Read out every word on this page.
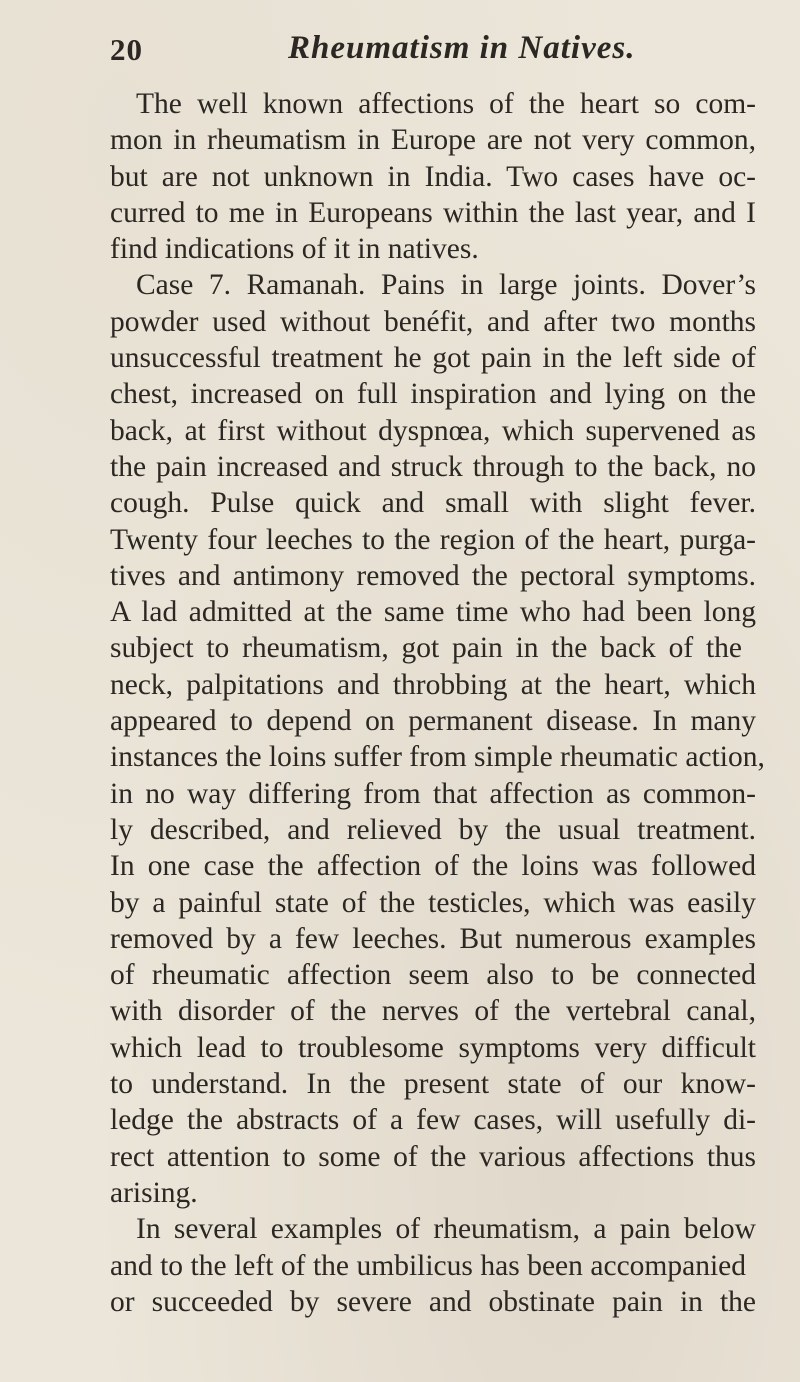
20	Rheumatism in Natives.
The well known affections of the heart so com-
mon in rheumatism in Europe are not very common,
but are not unknown in India. Two cases have oc-
curred to me in Europeans within the last year, and I
find indications of it in natives.
Case 7. Ramanah. Pains in large joints. Dover’s
powder used without benéfit, and after two months
unsuccessful treatment he got pain in the left side of
chest, increased on full inspiration and lying on the
back, at first without dyspnœa, which supervened as
the pain increased and struck through to the back, no
cough. Pulse quick and small with slight fever.
Twenty four leeches to the region of the heart, purga-
tives and antimony removed the pectoral symptoms.
A lad admitted at the same time who had been long
subject to rheumatism, got pain in the back of the
neck, palpitations and throbbing at the heart, which
appeared to depend on permanent disease. In many
instances the loins suffer from simple rheumatic action,
in no way differing from that affection as common-
ly described, and relieved by the usual treatment.
In one case the affection of the loins was followed
by a painful state of the testicles, which was easily
removed by a few leeches. But numerous examples
of rheumatic affection seem also to be connected
with disorder of the nerves of the vertebral canal,
which lead to troublesome symptoms very difficult
to understand. In the present state of our know-
ledge the abstracts of a few cases, will usefully di-
rect attention to some of the various affections thus
arising.
In several examples of rheumatism, a pain below
and to the left of the umbilicus has been accompanied
or succeeded by severe and obstinate pain in the
